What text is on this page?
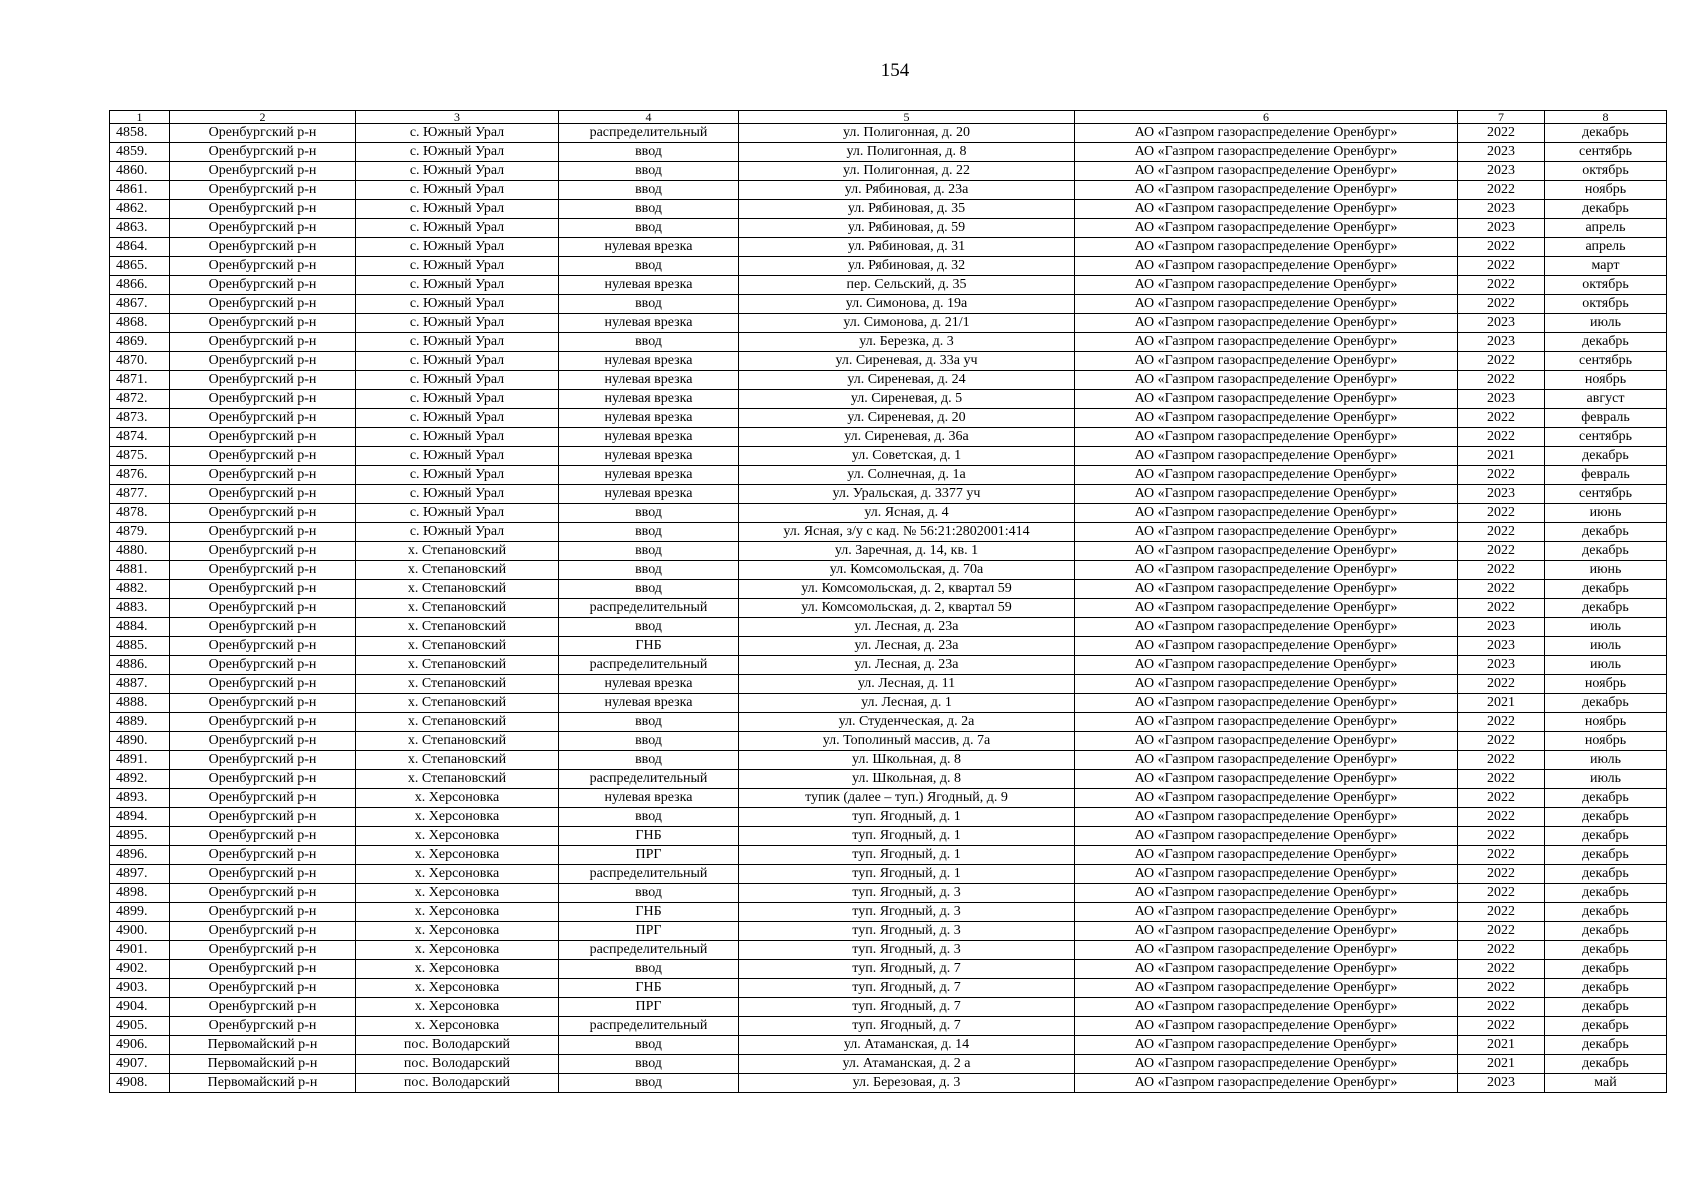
154
1	2	3	4	5	6	7	8
4858.	Оренбургский р-н	с. Южный Урал	распределительный	ул. Полигонная, д. 20	АО «Газпром газораспределение Оренбург»	2022	декабрь
4859.	Оренбургский р-н	с. Южный Урал	ввод	ул. Полигонная, д. 8	АО «Газпром газораспределение Оренбург»	2023	сентябрь
4860.	Оренбургский р-н	с. Южный Урал	ввод	ул. Полигонная, д. 22	АО «Газпром газораспределение Оренбург»	2023	октябрь
4861.	Оренбургский р-н	с. Южный Урал	ввод	ул. Рябиновая, д. 23а	АО «Газпром газораспределение Оренбург»	2022	ноябрь
4862.	Оренбургский р-н	с. Южный Урал	ввод	ул. Рябиновая, д. 35	АО «Газпром газораспределение Оренбург»	2023	декабрь
4863.	Оренбургский р-н	с. Южный Урал	ввод	ул. Рябиновая, д. 59	АО «Газпром газораспределение Оренбург»	2023	апрель
4864.	Оренбургский р-н	с. Южный Урал	нулевая врезка	ул. Рябиновая, д. 31	АО «Газпром газораспределение Оренбург»	2022	апрель
4865.	Оренбургский р-н	с. Южный Урал	ввод	ул. Рябиновая, д. 32	АО «Газпром газораспределение Оренбург»	2022	март
4866.	Оренбургский р-н	с. Южный Урал	нулевая врезка	пер. Сельский, д. 35	АО «Газпром газораспределение Оренбург»	2022	октябрь
4867.	Оренбургский р-н	с. Южный Урал	ввод	ул. Симонова, д. 19а	АО «Газпром газораспределение Оренбург»	2022	октябрь
4868.	Оренбургский р-н	с. Южный Урал	нулевая врезка	ул. Симонова, д. 21/1	АО «Газпром газораспределение Оренбург»	2023	июль
4869.	Оренбургский р-н	с. Южный Урал	ввод	ул. Березка, д. 3	АО «Газпром газораспределение Оренбург»	2023	декабрь
4870.	Оренбургский р-н	с. Южный Урал	нулевая врезка	ул. Сиреневая, д. 33а уч	АО «Газпром газораспределение Оренбург»	2022	сентябрь
4871.	Оренбургский р-н	с. Южный Урал	нулевая врезка	ул. Сиреневая, д. 24	АО «Газпром газораспределение Оренбург»	2022	ноябрь
4872.	Оренбургский р-н	с. Южный Урал	нулевая врезка	ул. Сиреневая, д. 5	АО «Газпром газораспределение Оренбург»	2023	август
4873.	Оренбургский р-н	с. Южный Урал	нулевая врезка	ул. Сиреневая, д. 20	АО «Газпром газораспределение Оренбург»	2022	февраль
4874.	Оренбургский р-н	с. Южный Урал	нулевая врезка	ул. Сиреневая, д. 36а	АО «Газпром газораспределение Оренбург»	2022	сентябрь
4875.	Оренбургский р-н	с. Южный Урал	нулевая врезка	ул. Советская, д. 1	АО «Газпром газораспределение Оренбург»	2021	декабрь
4876.	Оренбургский р-н	с. Южный Урал	нулевая врезка	ул. Солнечная, д. 1а	АО «Газпром газораспределение Оренбург»	2022	февраль
4877.	Оренбургский р-н	с. Южный Урал	нулевая врезка	ул. Уральская, д. 3377 уч	АО «Газпром газораспределение Оренбург»	2023	сентябрь
4878.	Оренбургский р-н	с. Южный Урал	ввод	ул. Ясная, д. 4	АО «Газпром газораспределение Оренбург»	2022	июнь
4879.	Оренбургский р-н	с. Южный Урал	ввод	ул. Ясная, з/у с кад. № 56:21:2802001:414	АО «Газпром газораспределение Оренбург»	2022	декабрь
4880.	Оренбургский р-н	х. Степановский	ввод	ул. Заречная, д. 14, кв. 1	АО «Газпром газораспределение Оренбург»	2022	декабрь
4881.	Оренбургский р-н	х. Степановский	ввод	ул. Комсомольская, д. 70а	АО «Газпром газораспределение Оренбург»	2022	июнь
4882.	Оренбургский р-н	х. Степановский	ввод	ул. Комсомольская, д. 2, квартал 59	АО «Газпром газораспределение Оренбург»	2022	декабрь
4883.	Оренбургский р-н	х. Степановский	распределительный	ул. Комсомольская, д. 2, квартал 59	АО «Газпром газораспределение Оренбург»	2022	декабрь
4884.	Оренбургский р-н	х. Степановский	ввод	ул. Лесная, д. 23а	АО «Газпром газораспределение Оренбург»	2023	июль
4885.	Оренбургский р-н	х. Степановский	ГНБ	ул. Лесная, д. 23а	АО «Газпром газораспределение Оренбург»	2023	июль
4886.	Оренбургский р-н	х. Степановский	распределительный	ул. Лесная, д. 23а	АО «Газпром газораспределение Оренбург»	2023	июль
4887.	Оренбургский р-н	х. Степановский	нулевая врезка	ул. Лесная, д. 11	АО «Газпром газораспределение Оренбург»	2022	ноябрь
4888.	Оренбургский р-н	х. Степановский	нулевая врезка	ул. Лесная, д. 1	АО «Газпром газораспределение Оренбург»	2021	декабрь
4889.	Оренбургский р-н	х. Степановский	ввод	ул. Студенческая, д. 2а	АО «Газпром газораспределение Оренбург»	2022	ноябрь
4890.	Оренбургский р-н	х. Степановский	ввод	ул. Тополиный массив, д. 7а	АО «Газпром газораспределение Оренбург»	2022	ноябрь
4891.	Оренбургский р-н	х. Степановский	ввод	ул. Школьная, д. 8	АО «Газпром газораспределение Оренбург»	2022	июль
4892.	Оренбургский р-н	х. Степановский	распределительный	ул. Школьная, д. 8	АО «Газпром газораспределение Оренбург»	2022	июль
4893.	Оренбургский р-н	х. Херсоновка	нулевая врезка	тупик (далее – туп.) Ягодный, д. 9	АО «Газпром газораспределение Оренбург»	2022	декабрь
4894.	Оренбургский р-н	х. Херсоновка	ввод	туп. Ягодный, д. 1	АО «Газпром газораспределение Оренбург»	2022	декабрь
4895.	Оренбургский р-н	х. Херсоновка	ГНБ	туп. Ягодный, д. 1	АО «Газпром газораспределение Оренбург»	2022	декабрь
4896.	Оренбургский р-н	х. Херсоновка	ПРГ	туп. Ягодный, д. 1	АО «Газпром газораспределение Оренбург»	2022	декабрь
4897.	Оренбургский р-н	х. Херсоновка	распределительный	туп. Ягодный, д. 1	АО «Газпром газораспределение Оренбург»	2022	декабрь
4898.	Оренбургский р-н	х. Херсоновка	ввод	туп. Ягодный, д. 3	АО «Газпром газораспределение Оренбург»	2022	декабрь
4899.	Оренбургский р-н	х. Херсоновка	ГНБ	туп. Ягодный, д. 3	АО «Газпром газораспределение Оренбург»	2022	декабрь
4900.	Оренбургский р-н	х. Херсоновка	ПРГ	туп. Ягодный, д. 3	АО «Газпром газораспределение Оренбург»	2022	декабрь
4901.	Оренбургский р-н	х. Херсоновка	распределительный	туп. Ягодный, д. 3	АО «Газпром газораспределение Оренбург»	2022	декабрь
4902.	Оренбургский р-н	х. Херсоновка	ввод	туп. Ягодный, д. 7	АО «Газпром газораспределение Оренбург»	2022	декабрь
4903.	Оренбургский р-н	х. Херсоновка	ГНБ	туп. Ягодный, д. 7	АО «Газпром газораспределение Оренбург»	2022	декабрь
4904.	Оренбургский р-н	х. Херсоновка	ПРГ	туп. Ягодный, д. 7	АО «Газпром газораспределение Оренбург»	2022	декабрь
4905.	Оренбургский р-н	х. Херсоновка	распределительный	туп. Ягодный, д. 7	АО «Газпром газораспределение Оренбург»	2022	декабрь
4906.	Первомайский р-н	пос. Володарский	ввод	ул. Атаманская, д. 14	АО «Газпром газораспределение Оренбург»	2021	декабрь
4907.	Первомайский р-н	пос. Володарский	ввод	ул. Атаманская, д. 2 а	АО «Газпром газораспределение Оренбург»	2021	декабрь
4908.	Первомайский р-н	пос. Володарский	ввод	ул. Березовая, д. 3	АО «Газпром газораспределение Оренбург»	2023	май
